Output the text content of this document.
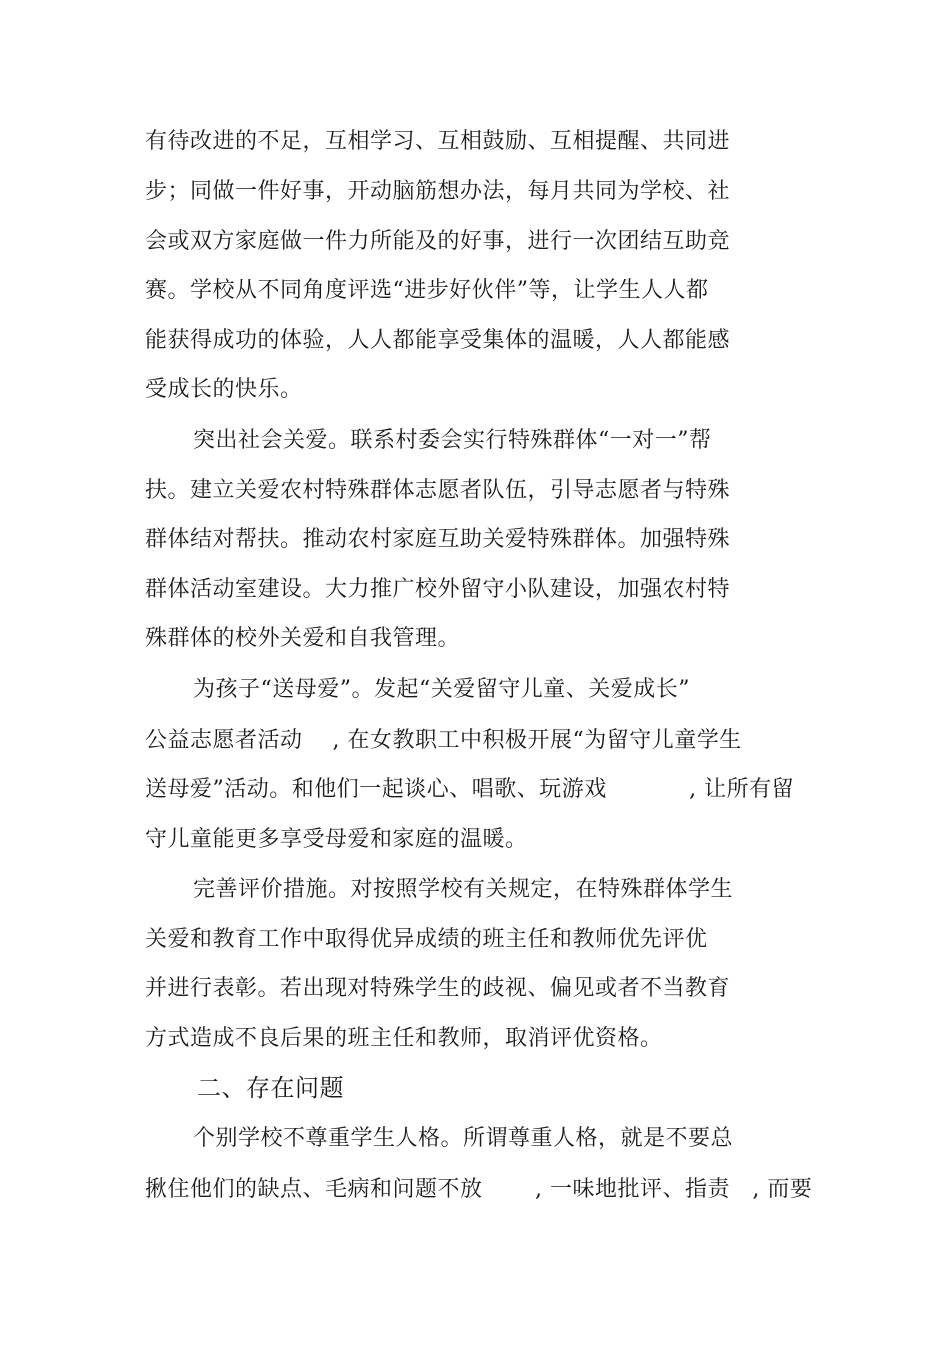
有待改进的不足，互相学习、互相鼓励、互相提醒、共同进
步；同做一件好事，开动脑筋想办法，每月共同为学校、社
会或双方家庭做一件力所能及的好事，进行一次团结互助竞
赛。学校从不同角度评选“进步好伙伴”等，让学生人人都
能获得成功的体验，人人都能享受集体的温暖，人人都能感
受成长的快乐。
突出社会关爱。联系村委会实行特殊群体“一对一”帮
扶。建立关爱农村特殊群体志愿者队伍，引导志愿者与特殊
群体结对帮扶。推动农村家庭互助关爱特殊群体。加强特殊
群体活动室建设。大力推广校外留守小队建设，加强农村特
殊群体的校外关爱和自我管理。
为孩子“送母爱”。发起“关爱留守儿童、关爱成长”
公益志愿者活动    , 在女教职工中积极开展“为留守儿童学生
送母爱”活动。和他们一起谈心、唱歌、玩游戏           , 让所有留
守儿童能更多享受母爱和家庭的温暖。
完善评价措施。对按照学校有关规定，在特殊群体学生
关爱和教育工作中取得优异成绩的班主任和教师优先评优
并进行表彰。若出现对特殊学生的歧视、偏见或者不当教育
方式造成不良后果的班主任和教师，取消评优资格。
二、存在问题
个别学校不尊重学生人格。所谓尊重人格，就是不要总
揪住他们的缺点、毛病和问题不放       , 一味地批评、指责   , 而要
